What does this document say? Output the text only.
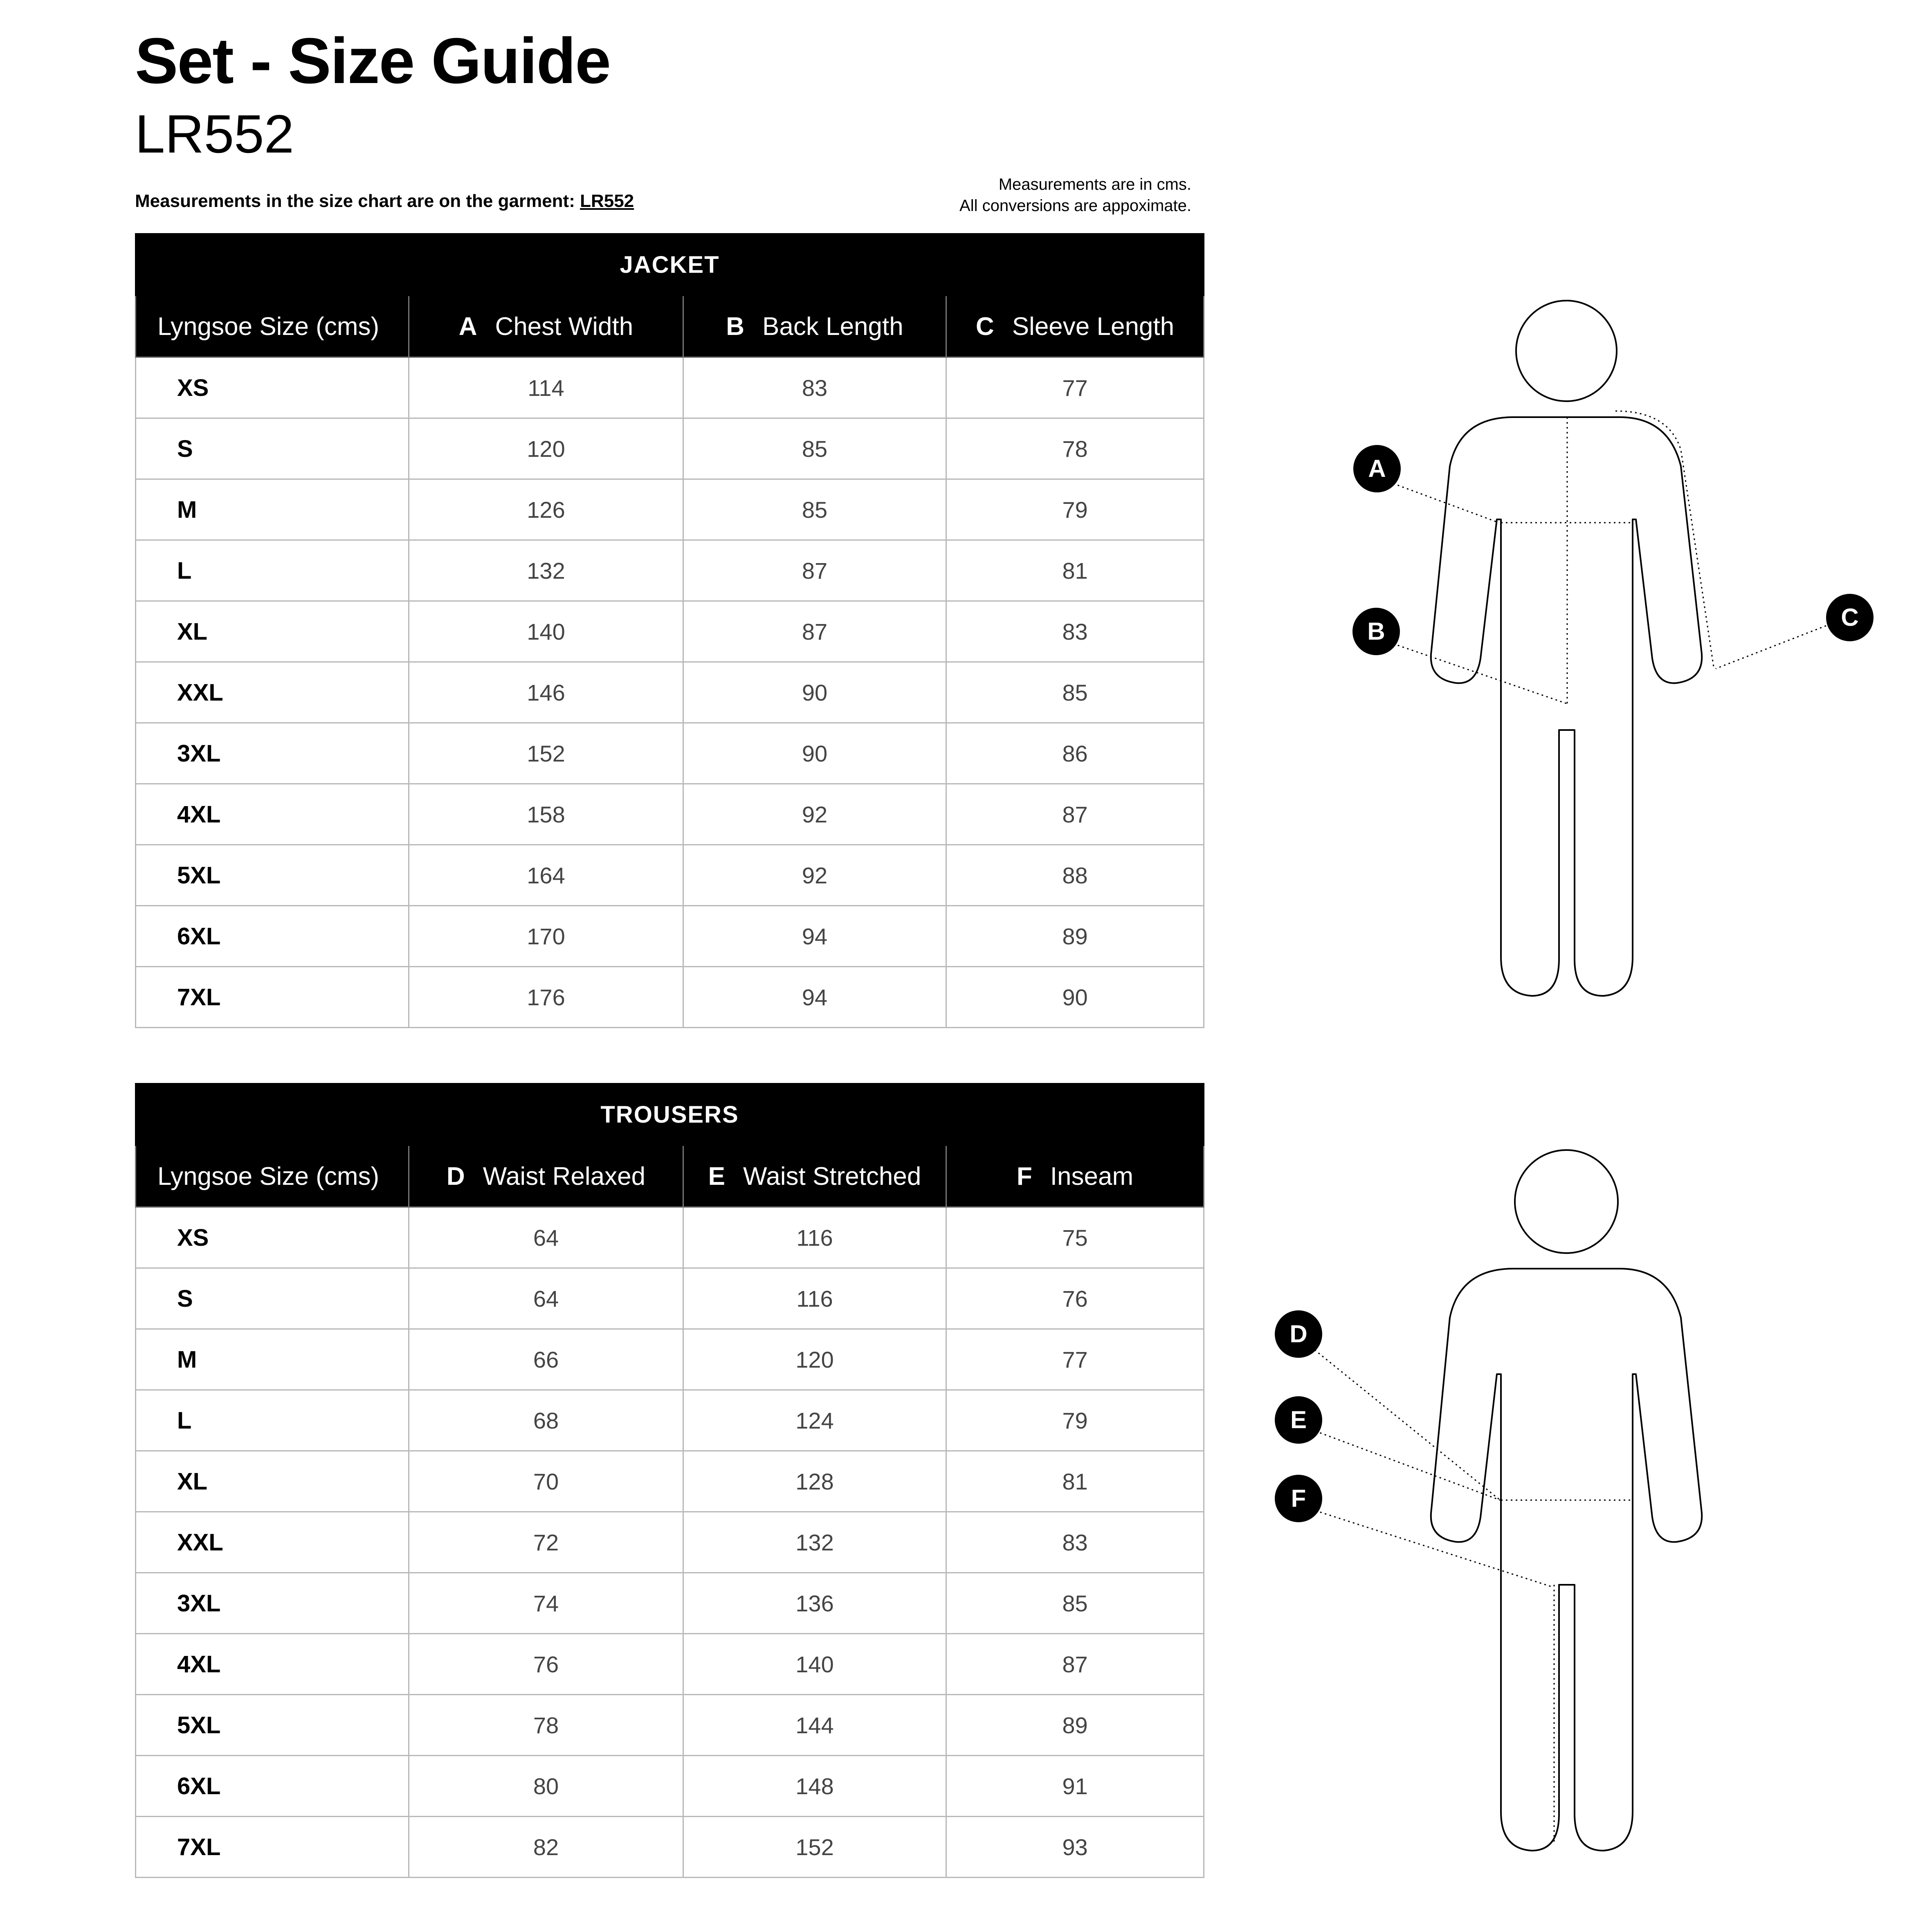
Set - Size Guide
LR552
Measurements in the size chart are on the garment: LR552
Measurements are in cms.
All conversions are appoximate.
JACKET			
Lyngsoe Size (cms)	A Chest Width	B Back Length	C Sleeve Length
XS	114	83	77
S	120	85	78
M	126	85	79
L	132	87	81
XL	140	87	83
XXL	146	90	85
3XL	152	90	86
4XL	158	92	87
5XL	164	92	88
6XL	170	94	89
7XL	176	94	90
TROUSERS			
Lyngsoe Size (cms)	D Waist Relaxed	E Waist Stretched	F Inseam
XS	64	116	75
S	64	116	76
M	66	120	77
L	68	124	79
XL	70	128	81
XXL	72	132	83
3XL	74	136	85
4XL	76	140	87
5XL	78	144	89
6XL	80	148	91
7XL	82	152	93
A
B
C
D
E
F
